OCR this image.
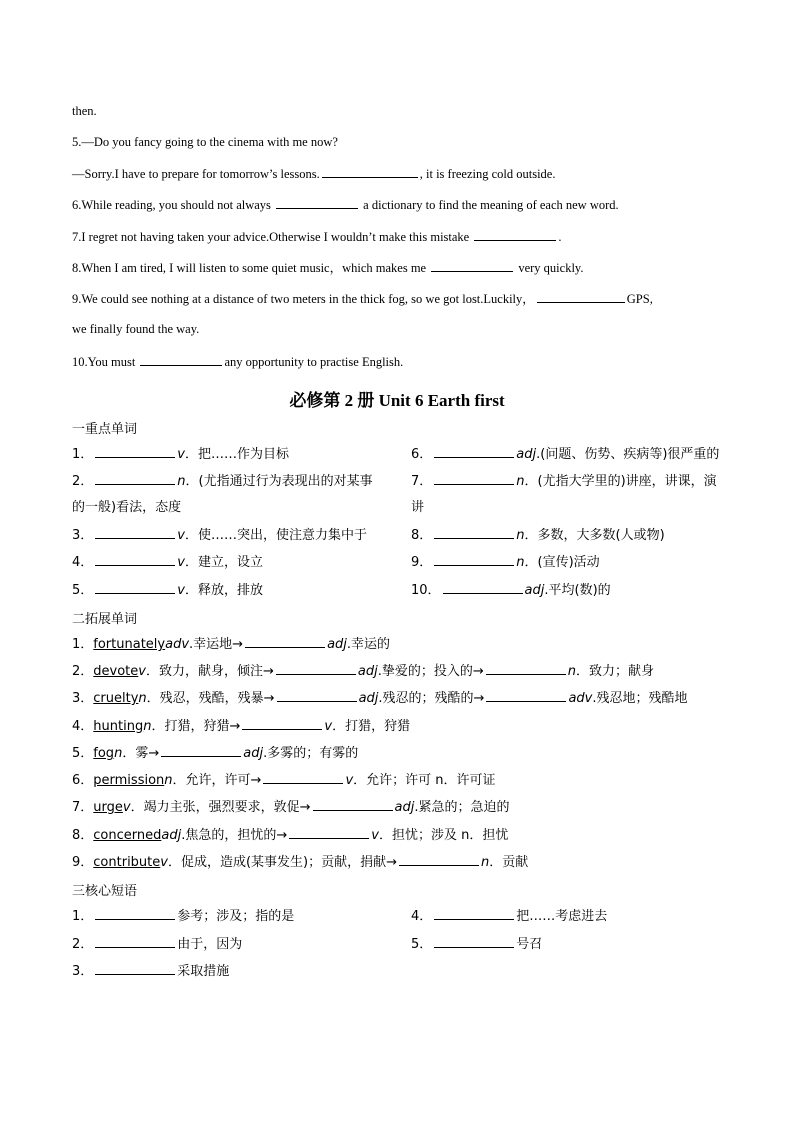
then.
5.—Do you fancy going to the cinema with me now?
—Sorry.I have to prepare for tomorrow’s lessons.	, it is freezing cold outside.
6.While reading, you should not always	a dictionary to find the meaning of each new word.
7.I regret not having taken your advice.Otherwise I wouldn’t make this mistake	.
8.When I am tired, I will listen to some quiet music，which makes me	very quickly.
9.We could see nothing at a distance of two meters in the thick fog, so we got lost.Luckily，	GPS,
we finally found the way.
10.You must	any opportunity to practise English.
必修第 2 册 Unit 6 Earth first
一重点单词
1．	v．把……作为目标
2．	n．(尤指通过行为表现出的对某事
的一般)看法，态度
3．	v．使……突出，使注意力集中于
4．	v．建立，设立
5．	v．释放，排放
6．	adj.(问题、伤势、疾病等)很严重的
7．	n．(尤指大学里的)讲座，讲课，演
讲
8．	n．多数，大多数(人或物)
9．	n．(宣传)活动
10．	adj.平均(数)的
二拓展单词
1．fortunatelyadv.幸运地→	adj.幸运的
2．devotev．致力，献身，倾注→	adj.挚爱的；投入的→	n．致力；献身
3．crueltyn．残忍，残酷，残暴→	adj.残忍的；残酷的→	adv.残忍地；残酷地
4．huntingn．打猎，狩猎→	v．打猎，狩猎
5．fogn．雾→	adj.多雾的；有雾的
6．permissionn．允许，许可→	v．允许；许可 n．许可证
7．urgev．竭力主张，强烈要求，敦促→	adj.紧急的；急迫的
8．concernedadj.焦急的，担忧的→	v．担忧；涉及 n．担忧
9．contributev．促成，造成(某事发生)；贡献，捐献→	n．贡献
三核心短语
1．	参考；涉及；指的是
2．	由于，因为
3．	采取措施
4．	把……考虑进去
5．	号召
